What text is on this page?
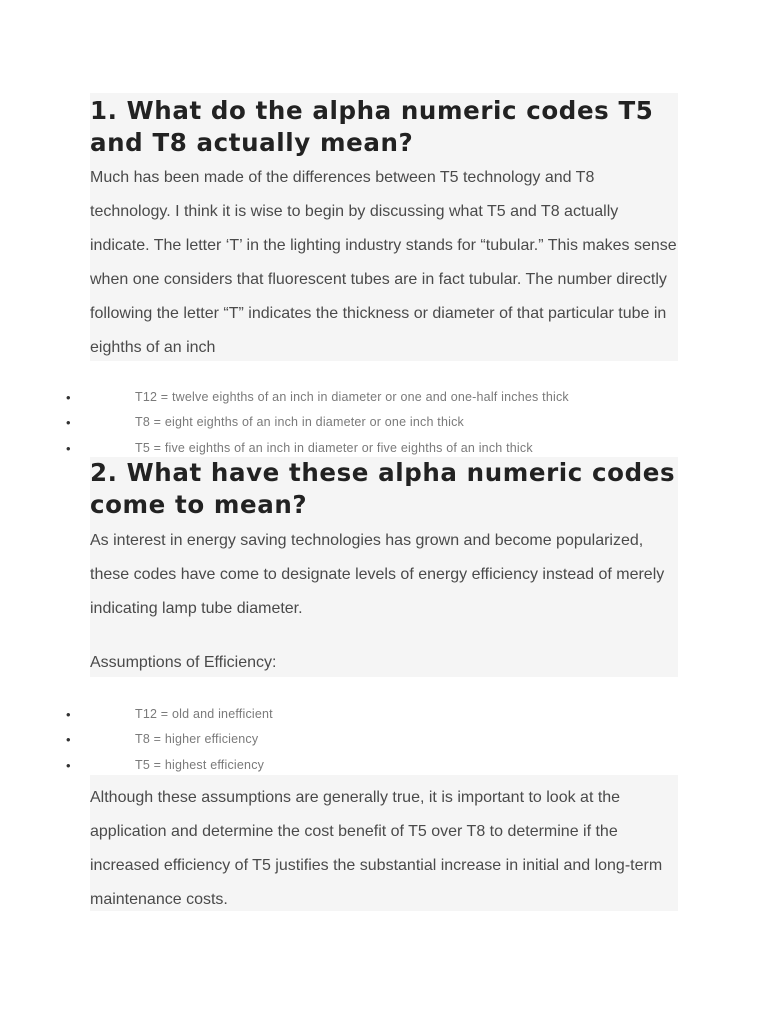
1. What do the alpha numeric codes T5 and T8 actually mean?

Much has been made of the differences between T5 technology and T8 technology. I think it is wise to begin by discussing what T5 and T8 actually indicate. The letter ‘T’ in the lighting industry stands for “tubular.” This makes sense when one considers that fluorescent tubes are in fact tubular. The number directly following the letter “T” indicates the thickness or diameter of that particular tube in eighths of an inch

•	T12 = twelve eighths of an inch in diameter or one and one-half inches thick
•	T8 = eight eighths of an inch in diameter or one inch thick
•	T5 = five eighths of an inch in diameter or five eighths of an inch thick
2. What have these alpha numeric codes come to mean?

As interest in energy saving technologies has grown and become popularized, these codes have come to designate levels of energy efficiency instead of merely indicating lamp tube diameter.

Assumptions of Efficiency:

•	T12 = old and inefficient
•	T8 = higher efficiency
•	T5 = highest efficiency

Although these assumptions are generally true, it is important to look at the application and determine the cost benefit of T5 over T8 to determine if the increased efficiency of T5 justifies the substantial increase in initial and long-term maintenance costs.
